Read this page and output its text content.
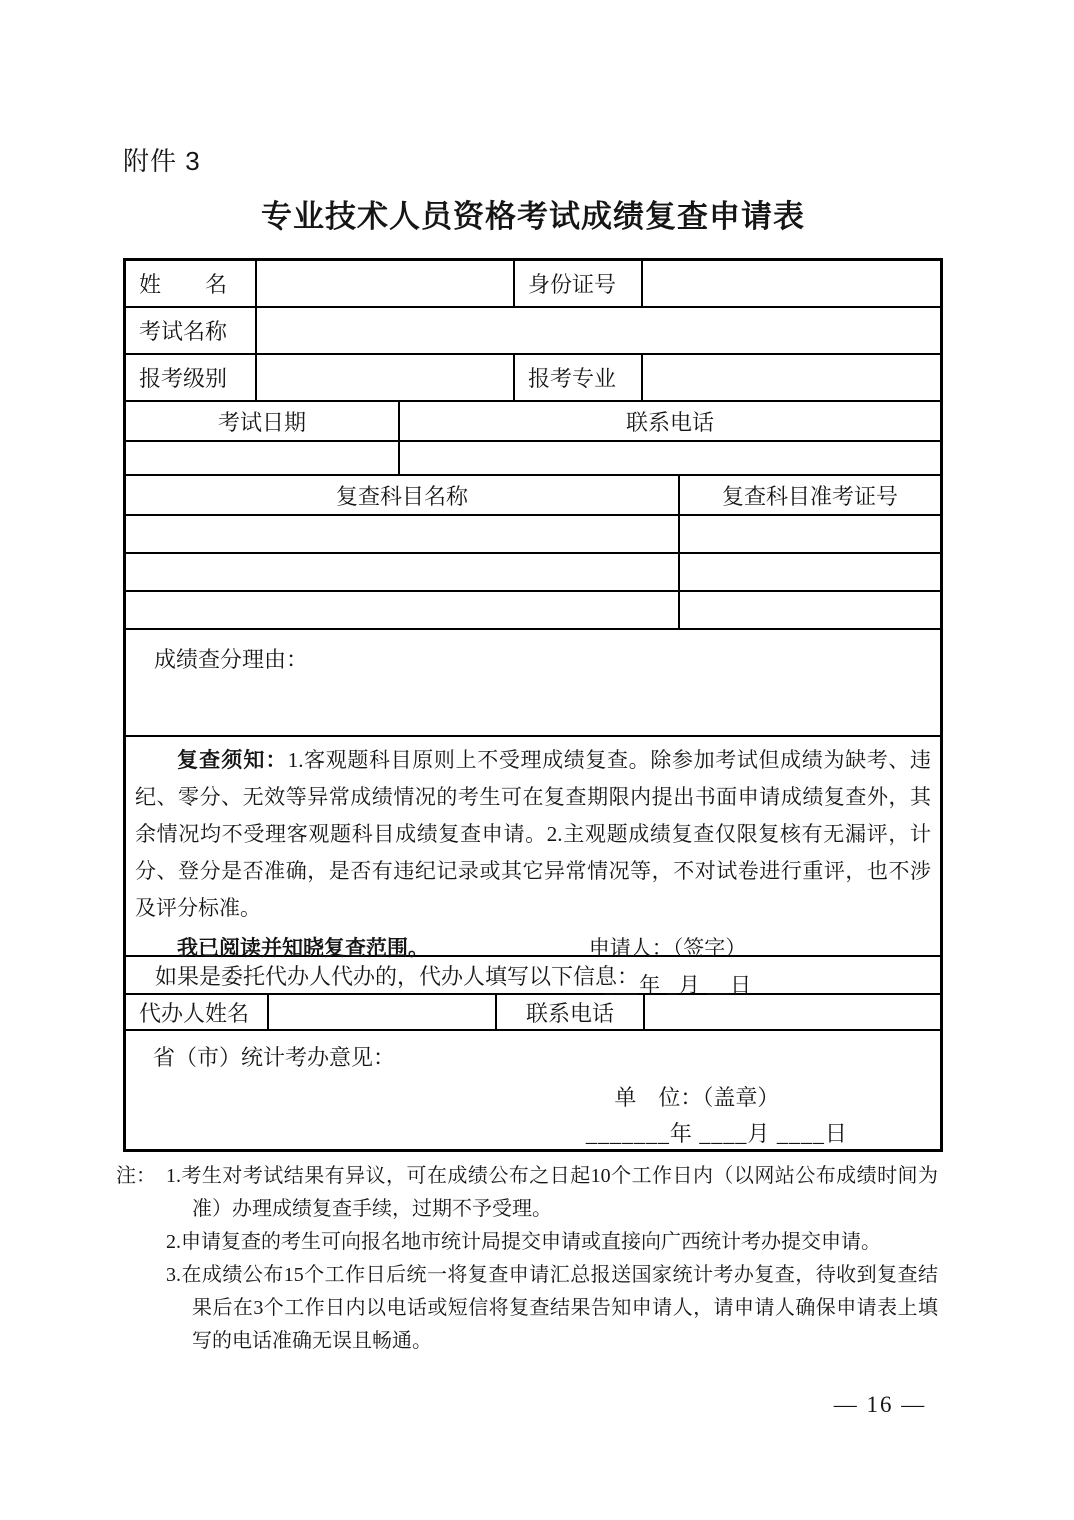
附件 3
专业技术人员资格考试成绩复查申请表
姓　　名	身份证号
考试名称
报考级别	报考专业
考试日期	联系电话
复查科目名称	复查科目准考证号
成绩查分理由：

复查须知：1.客观题科目原则上不受理成绩复查。除参加考试但成绩为缺考、违纪、零分、无效等异常成绩情况的考生可在复查期限内提出书面申请成绩复查外，其余情况均不受理客观题科目成绩复查申请。2.主观题成绩复查仅限复核有无漏评，计分、登分是否准确，是否有违纪记录或其它异常情况等，不对试卷进行重评，也不涉及评分标准。

我已阅读并知晓复查范围。	申请人：（签字）
___年 _月 __日
如果是委托代办人代办的，代办人填写以下信息：
代办人姓名	联系电话
省（市）统计考办意见：
单　位：（盖章）
_______年 ____月 ____日
注： 1.考生对考试结果有异议，可在成绩公布之日起10个工作日内（以网站公布成绩时间为准）办理成绩复查手续，过期不予受理。

2.申请复查的考生可向报名地市统计局提交申请或直接向广西统计考办提交申请。

3.在成绩公布15个工作日后统一将复查申请汇总报送国家统计考办复查，待收到复查结果后在3个工作日内以电话或短信将复查结果告知申请人，请申请人确保申请表上填写的电话准确无误且畅通。

— 16 —
